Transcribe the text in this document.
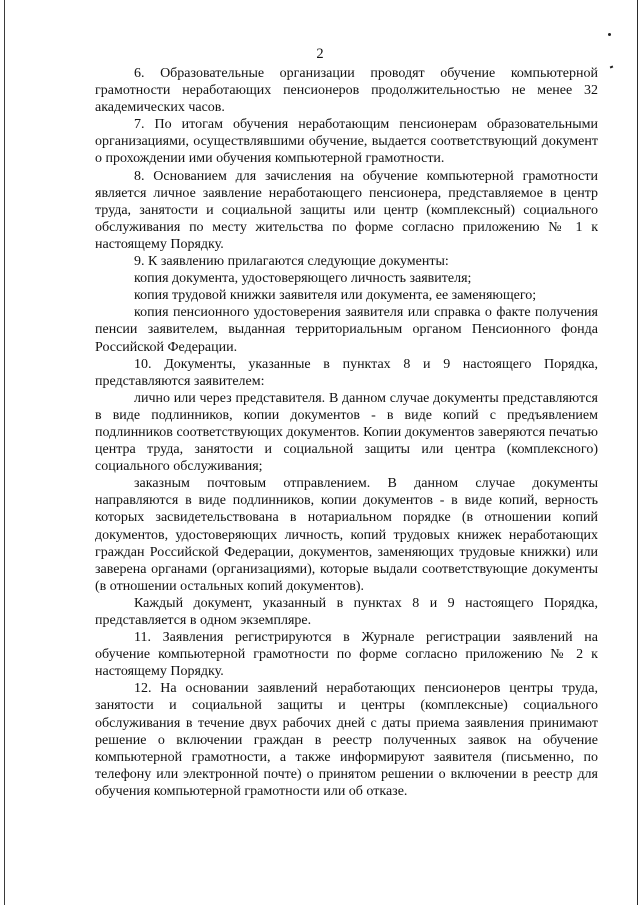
2

6. Образовательные организации проводят обучение компьютерной грамотности неработающих пенсионеров продолжительностью не менее 32 академических часов.

7. По итогам обучения неработающим пенсионерам образовательными организациями, осуществлявшими обучение, выдается соответствующий документ о прохождении ими обучения компьютерной грамотности.

8. Основанием для зачисления на обучение компьютерной грамотности является личное заявление неработающего пенсионера, представляемое в центр труда, занятости и социальной защиты или центр (комплексный) социального обслуживания по месту жительства по форме согласно приложению № 1 к настоящему Порядку.

9. К заявлению прилагаются следующие документы:

копия документа, удостоверяющего личность заявителя;

копия трудовой книжки заявителя или документа, ее заменяющего;

копия пенсионного удостоверения заявителя или справка о факте получения пенсии заявителем, выданная территориальным органом Пенсионного фонда Российской Федерации.

10. Документы, указанные в пунктах 8 и 9 настоящего Порядка, представляются заявителем:

лично или через представителя. В данном случае документы представляются в виде подлинников, копии документов - в виде копий с предъявлением подлинников соответствующих документов. Копии документов заверяются печатью центра труда, занятости и социальной защиты или центра (комплексного) социального обслуживания;

заказным почтовым отправлением. В данном случае документы направляются в виде подлинников, копии документов - в виде копий, верность которых засвидетельствована в нотариальном порядке (в отношении копий документов, удостоверяющих личность, копий трудовых книжек неработающих граждан Российской Федерации, документов, заменяющих трудовые книжки) или заверена органами (организациями), которые выдали соответствующие документы (в отношении остальных копий документов).

Каждый документ, указанный в пунктах 8 и 9 настоящего Порядка, представляется в одном экземпляре.

11. Заявления регистрируются в Журнале регистрации заявлений на обучение компьютерной грамотности по форме согласно приложению № 2 к настоящему Порядку.

12. На основании заявлений неработающих пенсионеров центры труда, занятости и социальной защиты и центры (комплексные) социального обслуживания в течение двух рабочих дней с даты приема заявления принимают решение о включении граждан в реестр полученных заявок на обучение компьютерной грамотности, а также информируют заявителя (письменно, по телефону или электронной почте) о принятом решении о включении в реестр для обучения компьютерной грамотности или об отказе.
